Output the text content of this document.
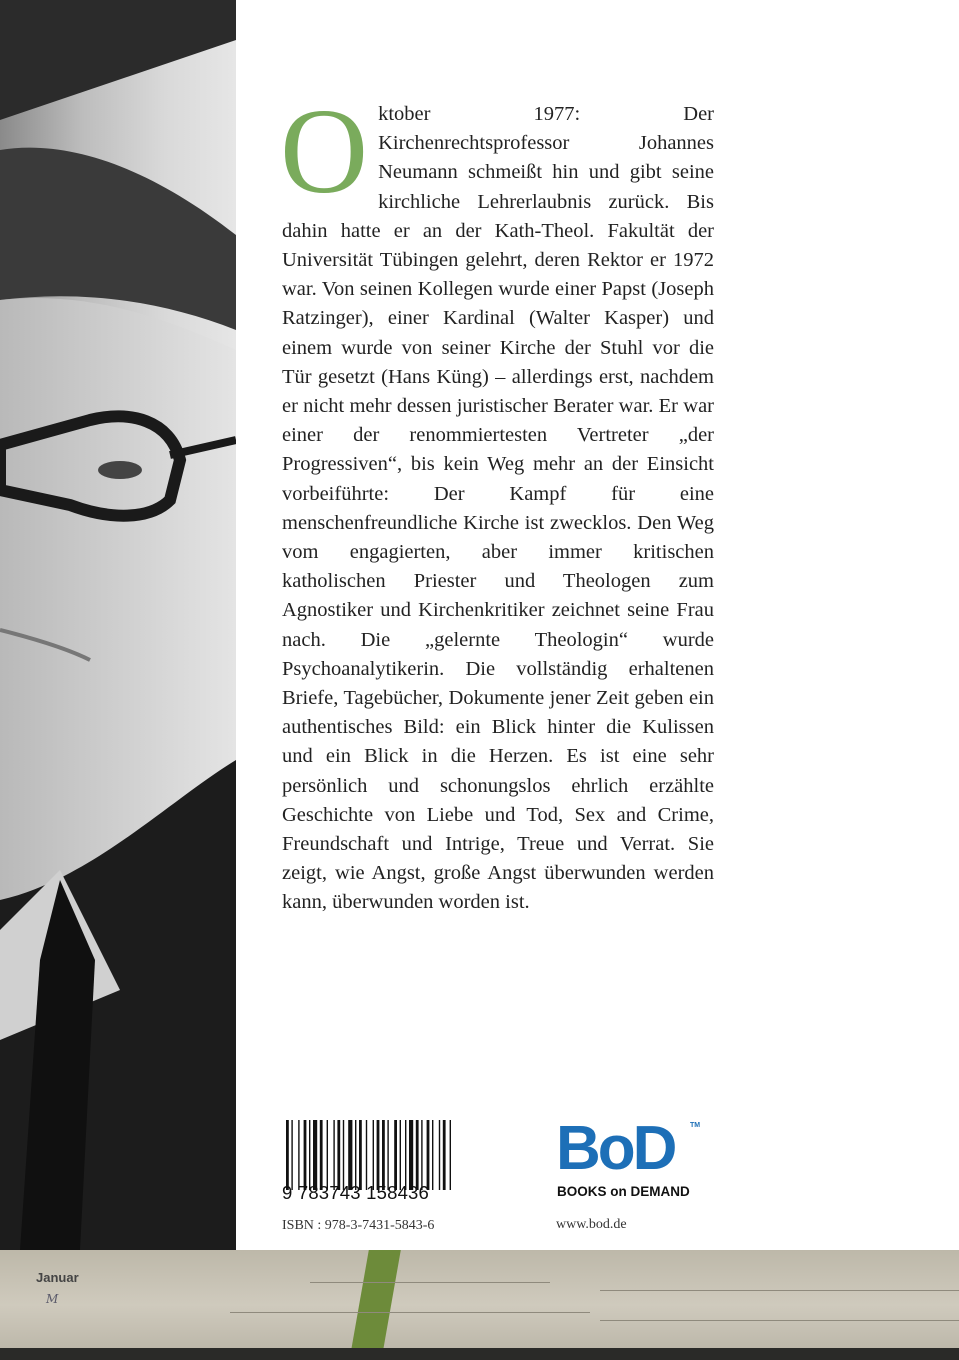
Oktober 1977: Der Kirchenrechtsprofessor Johannes Neumann schmeißt hin und gibt seine kirchliche Lehrerlaubnis zurück. Bis dahin hatte er an der Kath-Theol. Fakultät der Universität Tübingen gelehrt, deren Rektor er 1972 war. Von seinen Kollegen wurde einer Papst (Joseph Ratzinger), einer Kardinal (Walter Kasper) und einem wurde von seiner Kirche der Stuhl vor die Tür gesetzt (Hans Küng) – allerdings erst, nachdem er nicht mehr dessen juristischer Berater war. Er war einer der renommiertesten Vertreter „der Progressiven“, bis kein Weg mehr an der Einsicht vorbeiführte: Der Kampf für eine menschenfreundliche Kirche ist zwecklos. Den Weg vom engagierten, aber immer kritischen katholischen Priester und Theologen zum Agnostiker und Kirchenkritiker zeichnet seine Frau nach. Die „gelernte Theologin“ wurde Psychoanalytikerin. Die vollständig erhaltenen Briefe, Tagebücher, Dokumente jener Zeit geben ein authentisches Bild: ein Blick hinter die Kulissen und ein Blick in die Herzen. Es ist eine sehr persönlich und schonungslos ehrlich erzählte Geschichte von Liebe und Tod, Sex and Crime, Freundschaft und Intrige, Treue und Verrat. Sie zeigt, wie Angst, große Angst überwunden werden kann, überwunden worden ist.
9 783743 158436
ISBN : 978-3-7431-5843-6
BoD TM
BOOKS on DEMAND
www.bod.de
Januar
M
